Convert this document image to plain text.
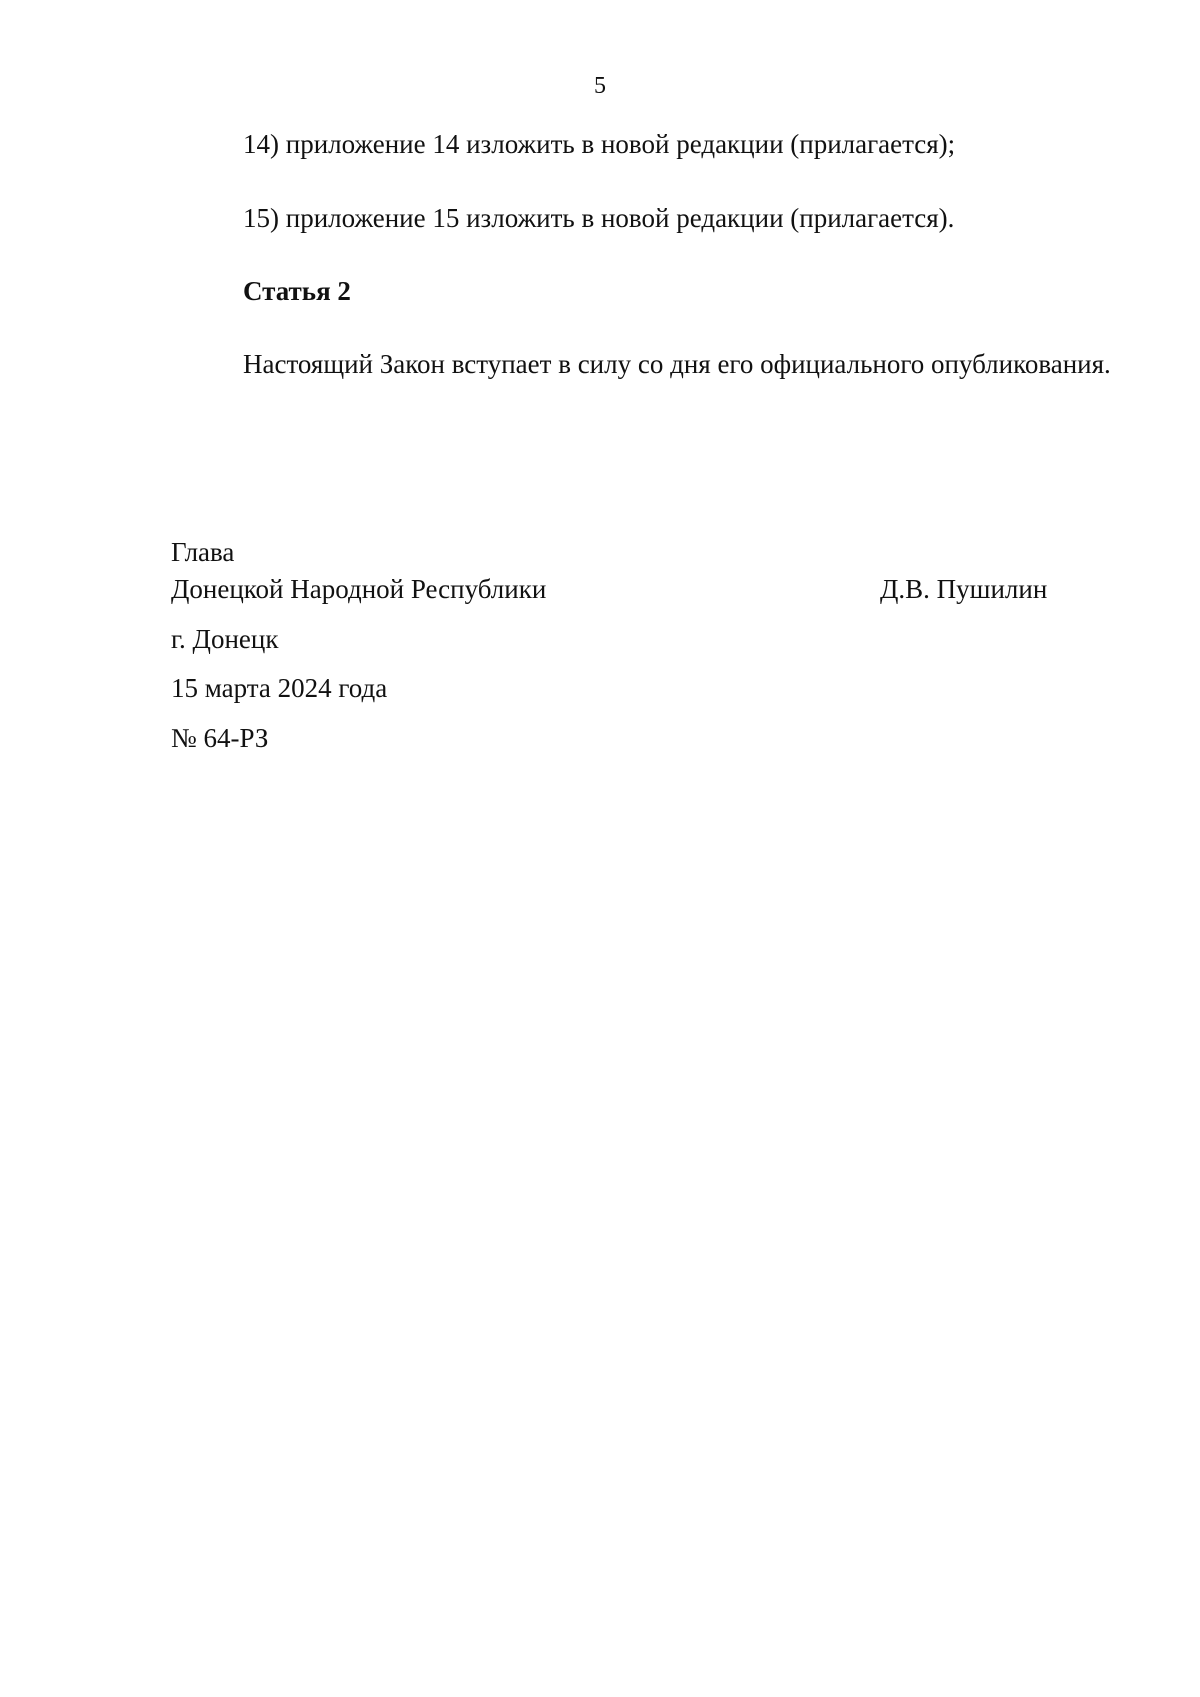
5
14) приложение 14 изложить в новой редакции (прилагается);
15) приложение 15 изложить в новой редакции (прилагается).
Статья 2
Настоящий Закон вступает в силу со дня его официального опубликования.
Глава
Донецкой Народной Республики	Д.В. Пушилин
г. Донецк
15 марта 2024 года
№ 64-РЗ
